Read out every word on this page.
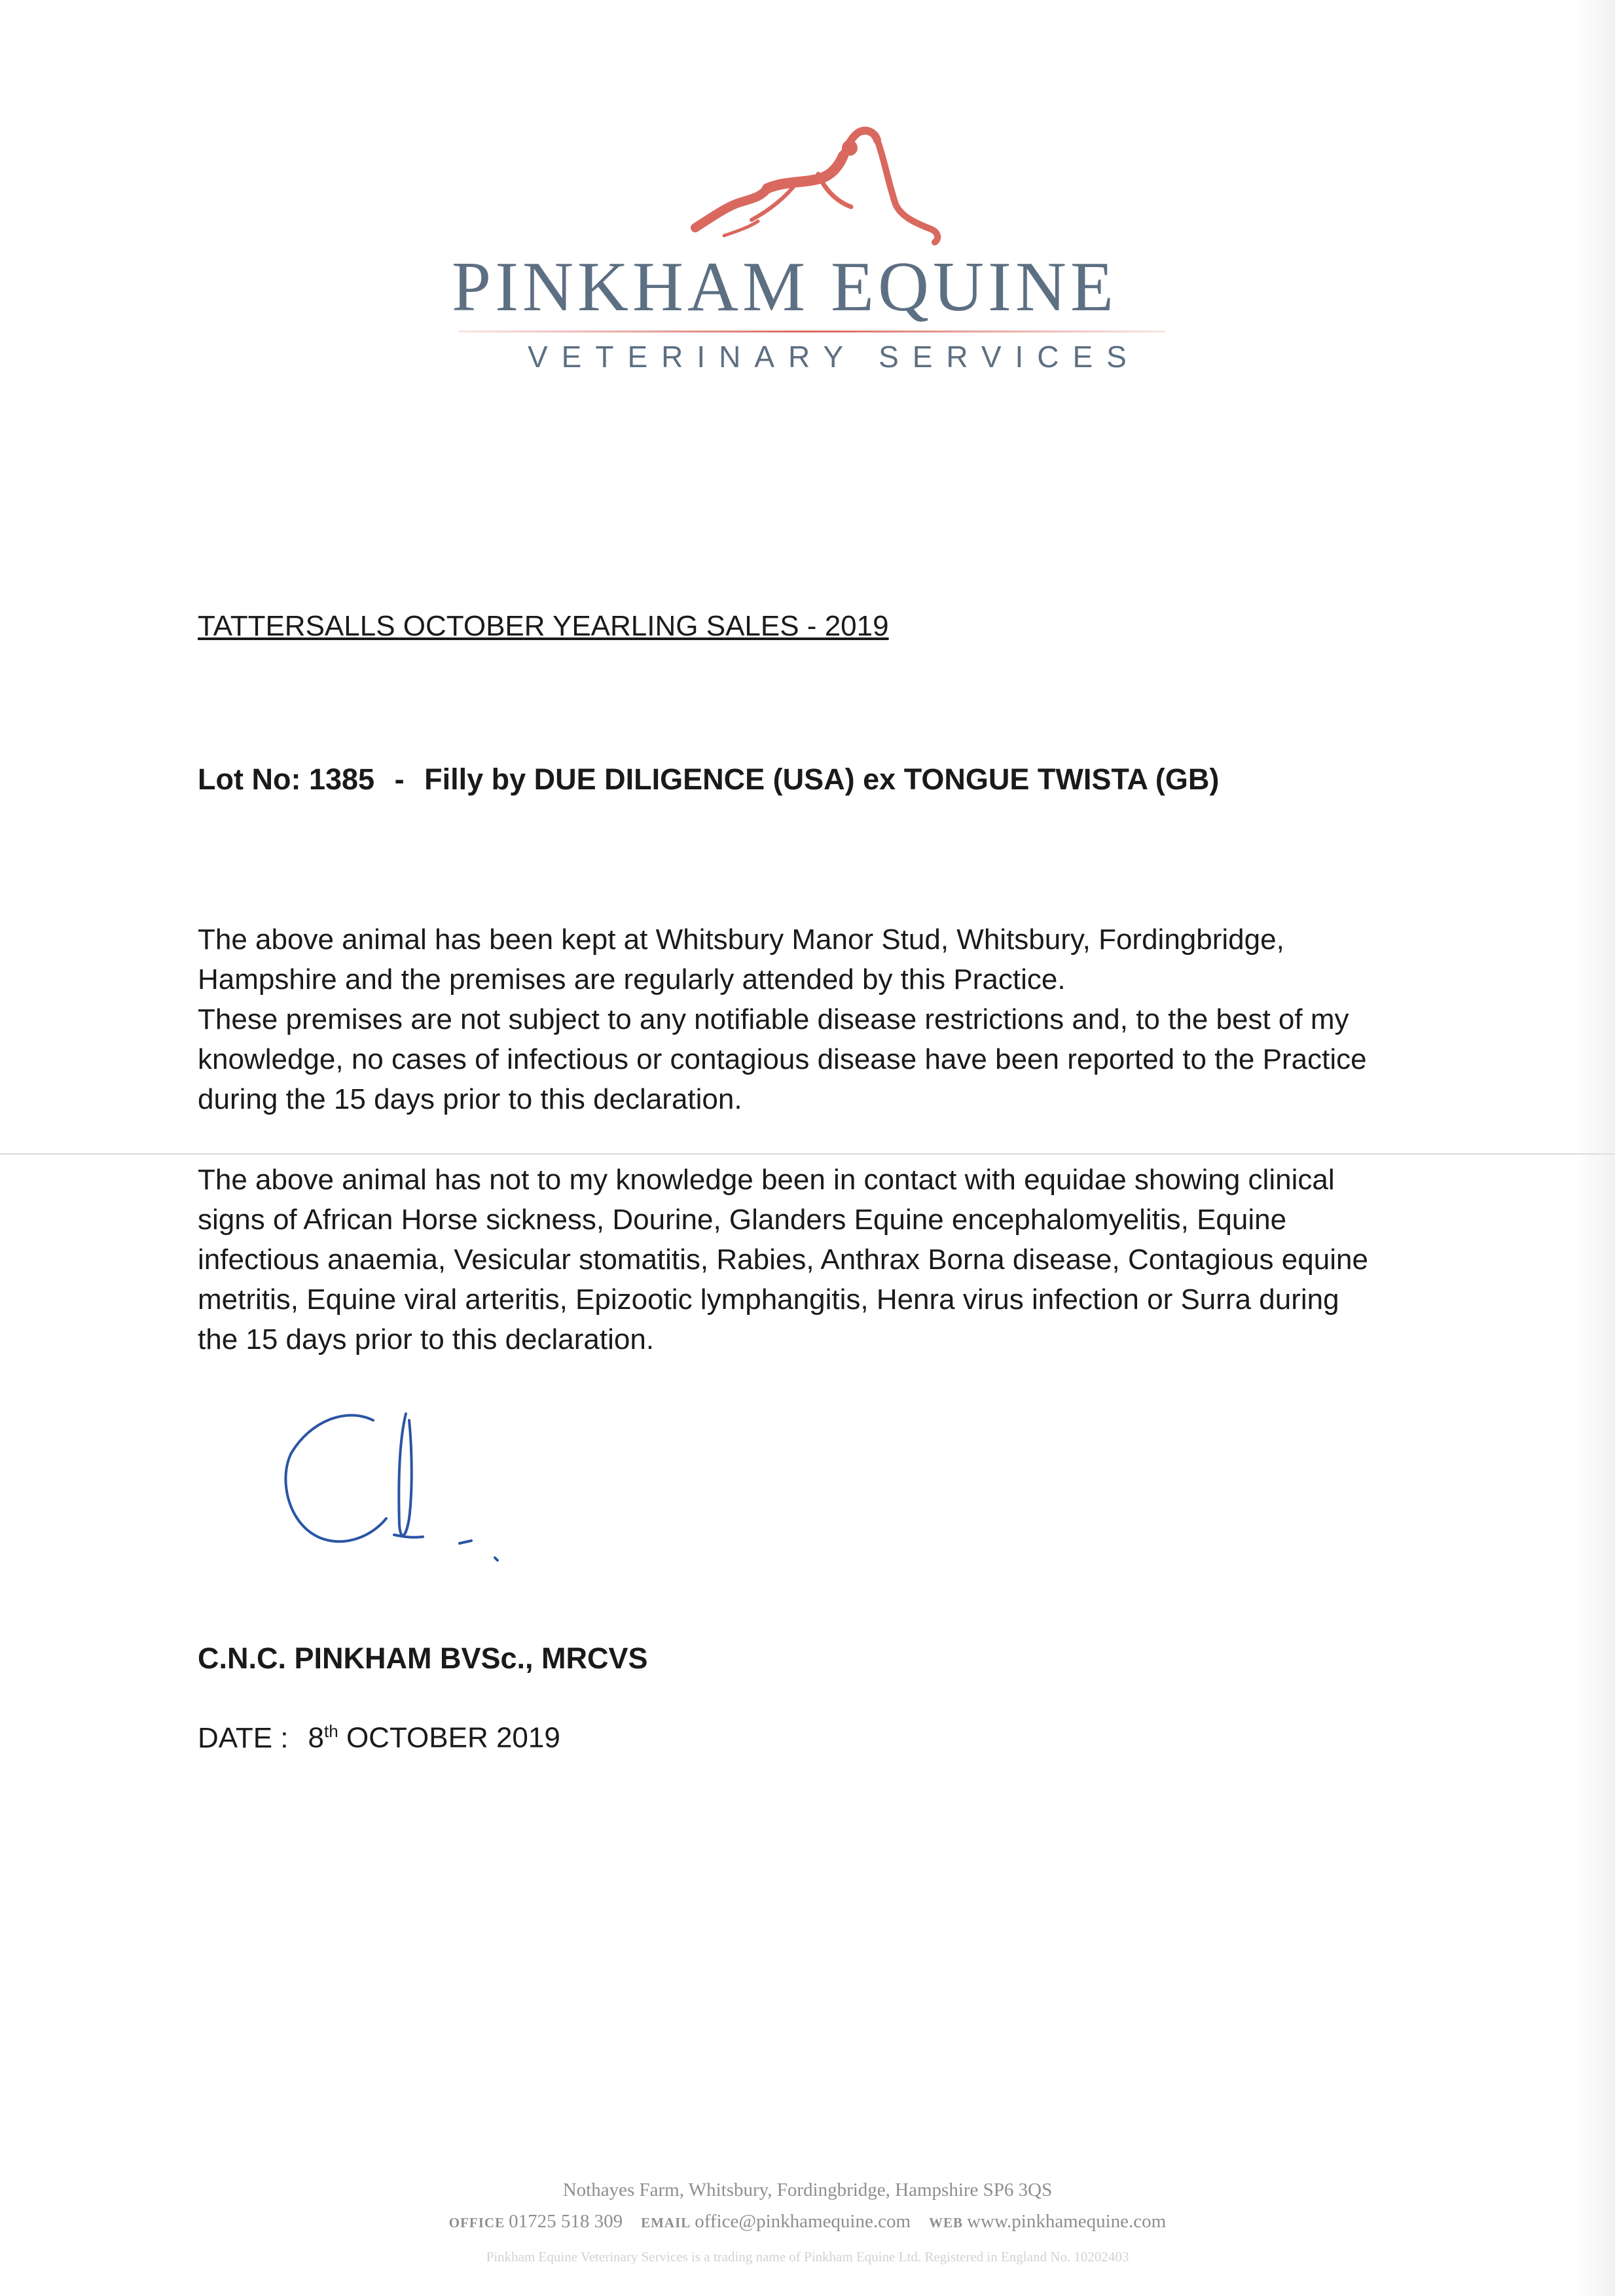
PINKHAM EQUINE
VETERINARY SERVICES
TATTERSALLS OCTOBER YEARLING SALES - 2019
Lot No: 1385 - Filly by DUE DILIGENCE (USA) ex TONGUE TWISTA (GB)

The above animal has been kept at Whitsbury Manor Stud, Whitsbury, Fordingbridge,

Hampshire and the premises are regularly attended by this Practice.

These premises are not subject to any notifiable disease restrictions and, to the best of my

knowledge, no cases of infectious or contagious disease have been reported to the Practice

during the 15 days prior to this declaration.

The above animal has not to my knowledge been in contact with equidae showing clinical

signs of African Horse sickness, Dourine, Glanders Equine encephalomyelitis, Equine

infectious anaemia, Vesicular stomatitis, Rabies, Anthrax Borna disease, Contagious equine

metritis, Equine viral arteritis, Epizootic lymphangitis, Henra virus infection or Surra during

the 15 days prior to this declaration.

C.N.C. PINKHAM BVSc., MRCVS
DATE : 8th OCTOBER 2019
Nothayes Farm, Whitsbury, Fordingbridge, Hampshire SP6 3QS
OFFICE 01725 518 309 EMAIL office@pinkhamequine.com WEB www.pinkhamequine.com
Pinkham Equine Veterinary Services is a trading name of Pinkham Equine Ltd. Registered in England No. 10202403
